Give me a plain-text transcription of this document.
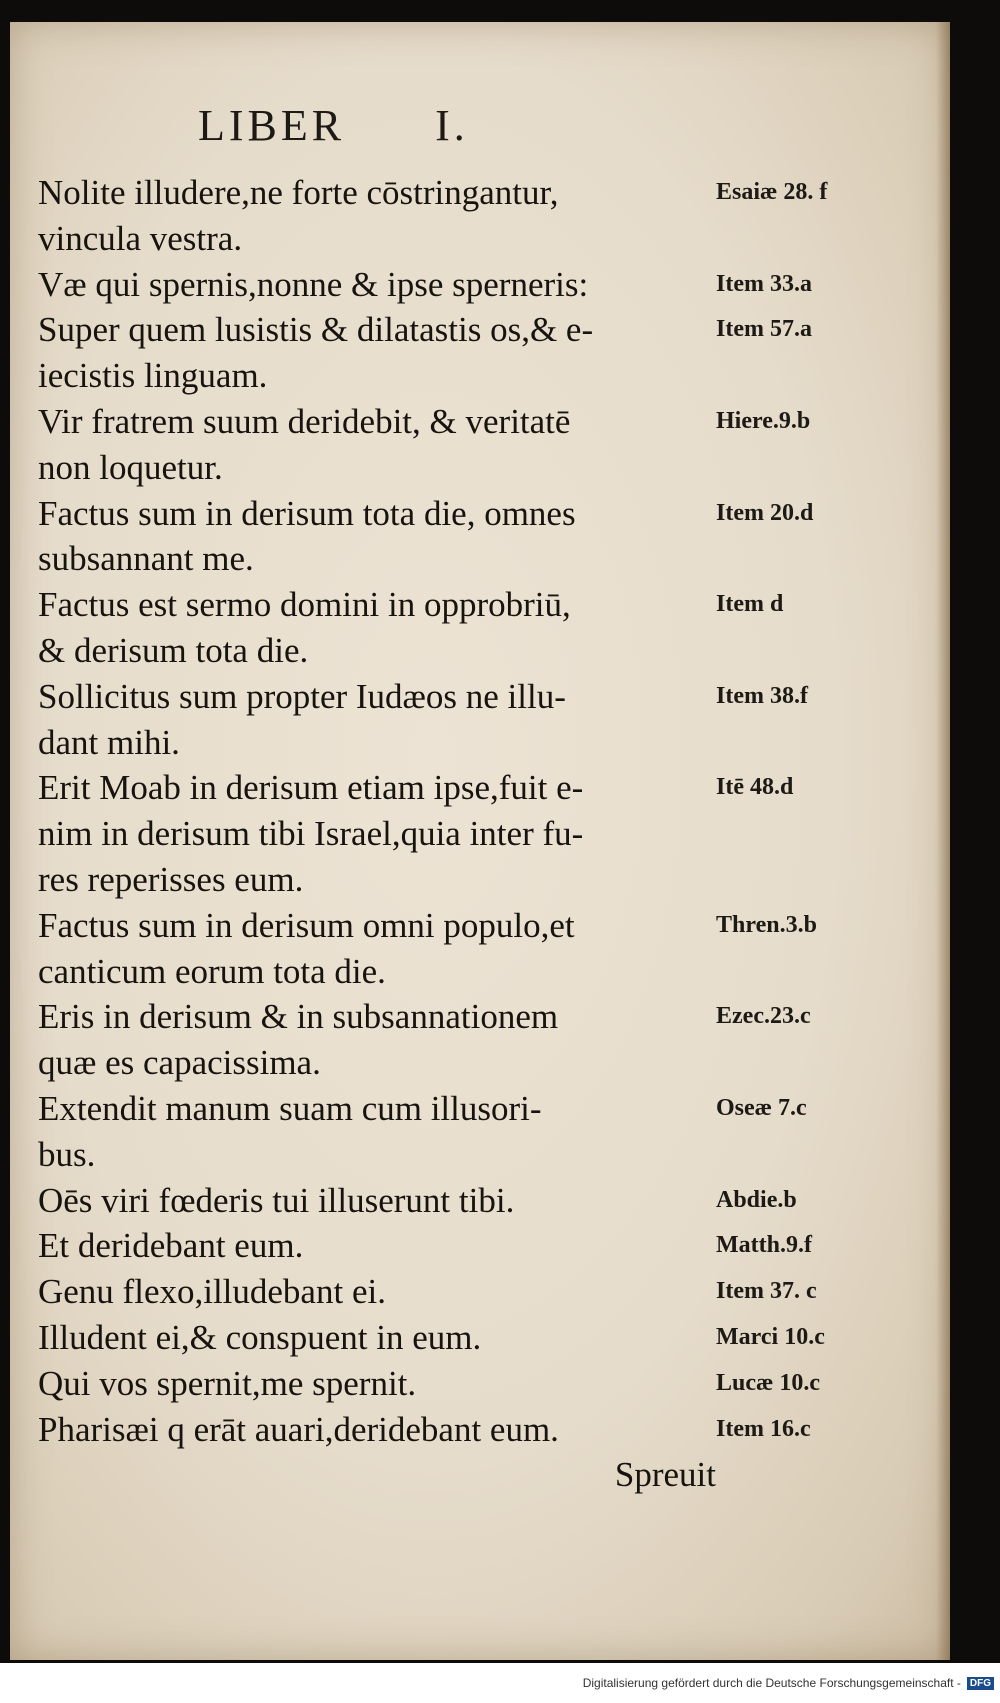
LIBER I.
Nolite illudere,ne forte cōstringantur,
vincula vestra.
Væ qui spernis,nonne & ipse sperneris:
Super quem lusistis & dilatastis os,& e-
iecistis linguam.
Vir fratrem suum deridebit, & veritatē
non loquetur.
Factus sum in derisum tota die, omnes
subsannant me.
Factus est sermo domini in opprobriū,
& derisum tota die.
Sollicitus sum propter Iudæos ne illu-
dant mihi.
Erit Moab in derisum etiam ipse,fuit e-
nim in derisum tibi Israel,quia inter fu-
res reperisses eum.
Factus sum in derisum omni populo,et
canticum eorum tota die.
Eris in derisum & in subsannationem
quæ es capacissima.
Extendit manum suam cum illusori-
bus.
Oēs viri fœderis tui illuserunt tibi.
Et deridebant eum.
Genu flexo,illudebant ei.
Illudent ei,& conspuent in eum.
Qui vos spernit,me spernit.
Pharisæi q erāt auari,deridebant eum.
Spreuit
Esaiæ 28. f
Item 33.a
Item 57.a
Hiere.9.b
Item 20.d
Item d
Item 38.f
Itē 48.d
Thren.3.b
Ezec.23.c
Oseæ 7.c
Abdie.b
Matth.9.f
Item 37. c
Marci 10.c
Lucæ 10.c
Item 16.c
Digitalisierung gefördert durch die Deutsche Forschungsgemeinschaft - DFG
